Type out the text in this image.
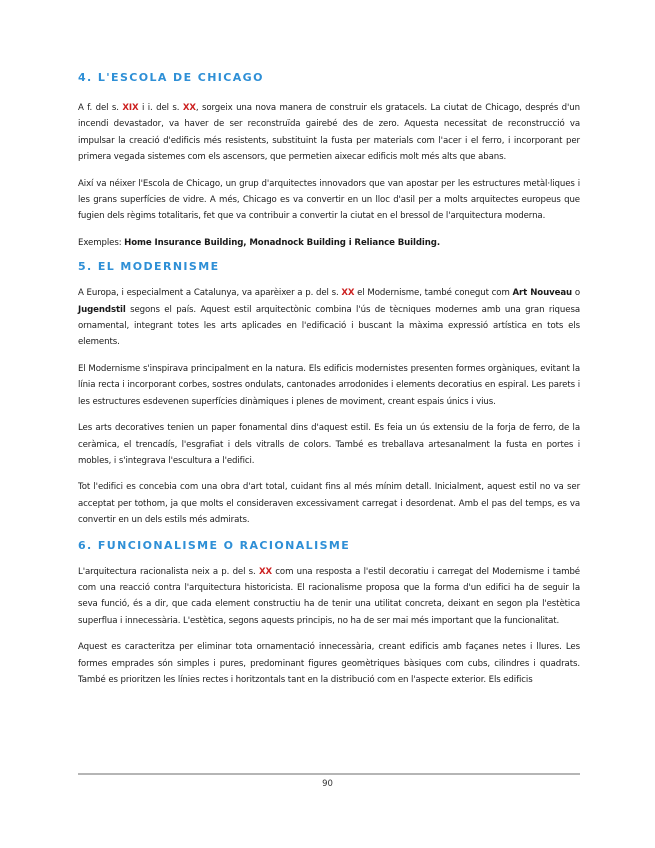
4. L'ESCOLA DE CHICAGO

A f. del s. XIX i i. del s. XX, sorgeix una nova manera de construir els gratacels. La ciutat de Chicago, després d'un incendi devastador, va haver de ser reconstruïda gairebé des de zero. Aquesta necessitat de reconstrucció va impulsar la creació d'edificis més resistents, substituint la fusta per materials com l'acer i el ferro, i incorporant per primera vegada sistemes com els ascensors, que permetien aixecar edificis molt més alts que abans.

Així va néixer l'Escola de Chicago, un grup d'arquitectes innovadors que van apostar per les estructures metàl·liques i les grans superfícies de vidre. A més, Chicago es va convertir en un lloc d'asil per a molts arquitectes europeus que fugien dels règims totalitaris, fet que va contribuir a convertir la ciutat en el bressol de l'arquitectura moderna.

Exemples: Home Insurance Building, Monadnock Building i Reliance Building.

5. EL MODERNISME

A Europa, i especialment a Catalunya, va aparèixer a p. del s. XX el Modernisme, també conegut com Art Nouveau o Jugendstil segons el país. Aquest estil arquitectònic combina l'ús de tècniques modernes amb una gran riquesa ornamental, integrant totes les arts aplicades en l'edificació i buscant la màxima expressió artística en tots els elements.

El Modernisme s'inspirava principalment en la natura. Els edificis modernistes presenten formes orgàniques, evitant la línia recta i incorporant corbes, sostres ondulats, cantonades arrodonides i elements decoratius en espiral. Les parets i les estructures esdevenen superfícies dinàmiques i plenes de moviment, creant espais únics i vius.

Les arts decoratives tenien un paper fonamental dins d'aquest estil. Es feia un ús extensiu de la forja de ferro, de la ceràmica, el trencadís, l'esgrafiat i dels vitralls de colors. També es treballava artesanalment la fusta en portes i mobles, i s'integrava l'escultura a l'edifici.

Tot l'edifici es concebia com una obra d'art total, cuidant fins al més mínim detall. Inicialment, aquest estil no va ser acceptat per tothom, ja que molts el consideraven excessivament carregat i desordenat. Amb el pas del temps, es va convertir en un dels estils més admirats.

6. FUNCIONALISME O RACIONALISME

L'arquitectura racionalista neix a p. del s. XX com una resposta a l'estil decoratiu i carregat del Modernisme i també com una reacció contra l'arquitectura historicista. El racionalisme proposa que la forma d'un edifici ha de seguir la seva funció, és a dir, que cada element constructiu ha de tenir una utilitat concreta, deixant en segon pla l'estètica superflua i innecessària. L'estètica, segons aquests principis, no ha de ser mai més important que la funcionalitat.

Aquest es caracteritza per eliminar tota ornamentació innecessària, creant edificis amb façanes netes i llures. Les formes emprades són simples i pures, predominant figures geomètriques bàsiques com cubs, cilindres i quadrats. També es prioritzen les línies rectes i horitzontals tant en la distribució com en l'aspecte exterior. Els edificis

90
